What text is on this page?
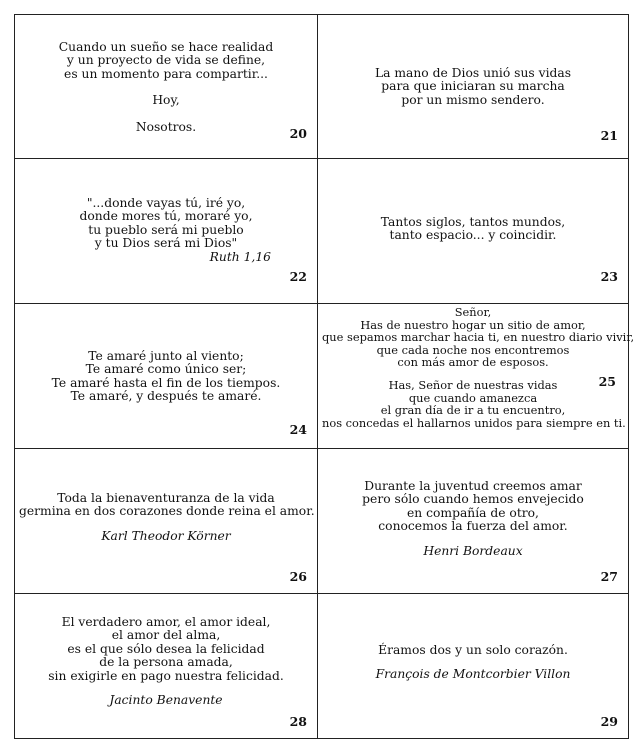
Cuando un sueño se hace realidad
y un proyecto de vida se define,
es un momento para compartir...
Hoy,
Nosotros.	20
La mano de Dios unió sus vidas
para que iniciaran su marcha
por un mismo sendero.
21
"...donde vayas tú, iré yo,
donde mores tú, moraré yo,
tu pueblo será mi pueblo
y tu Dios será mi Dios"
Ruth 1,16
22
Tantos siglos, tantos mundos,
tanto espacio... y coincidir.
23
Te amaré junto al viento;
Te amaré como único ser;
Te amaré hasta el fin de los tiempos.
Te amaré, y después te amaré.
24
Señor,
Has de nuestro hogar un sitio de amor,
que sepamos marchar hacia ti, en nuestro diario vivir,
que cada noche nos encontremos
con más amor de esposos.
Has, Señor de nuestras vidas
que cuando amanezca
el gran día de ir a tu encuentro,
nos concedas el hallarnos unidos para siempre en ti.
25
Toda la bienaventuranza de la vida
germina en dos corazones donde reina el amor.
Karl Theodor Körner
26
Durante la juventud creemos amar
pero sólo cuando hemos envejecido
en compañía de otro,
conocemos la fuerza del amor.
Henri Bordeaux
27
El verdadero amor, el amor ideal,
el amor del alma,
es el que sólo desea la felicidad
de la persona amada,
sin exigirle en pago nuestra felicidad.
Jacinto Benavente
28
Éramos dos y un solo corazón.
François de Montcorbier Villon
29
